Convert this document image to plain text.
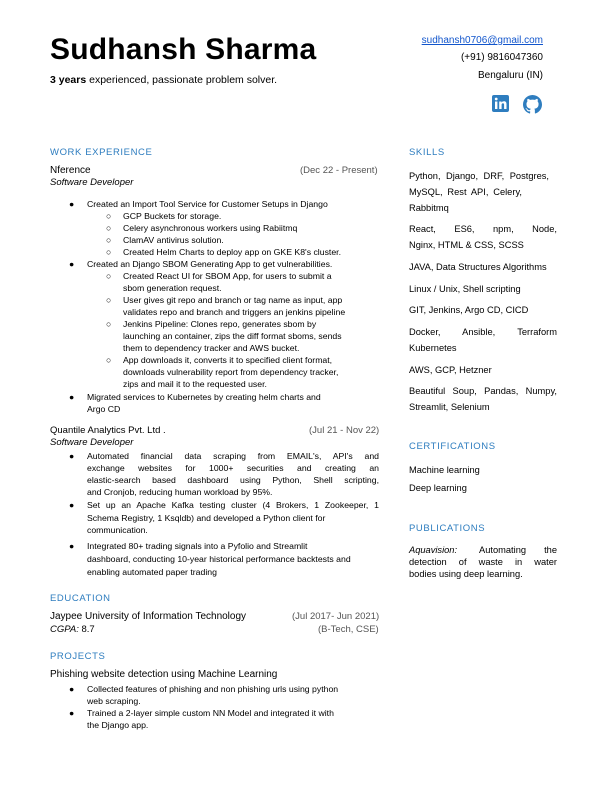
Sudhansh Sharma
3 years experienced, passionate problem solver.
sudhansh0706@gmail.com
(+91) 9816047360
Bengaluru (IN)
WORK EXPERIENCE
Nference	(Dec 22 - Present)
Software Developer
● Created an Import Tool Service for Customer Setups in Django
○ GCP Buckets for storage.
○ Celery asynchronous workers using Rabiitmq
○ ClamAV antivirus solution.
○ Created Helm Charts to deploy app on GKE K8's cluster.
● Created an Django SBOM Generating App to get vulnerabilities.
○ Created React UI for SBOM App, for users to submit a
sbom generation request.
○ User gives git repo and branch or tag name as input, app
validates repo and branch and triggers an jenkins pipeline
○ Jenkins Pipeline: Clones repo, generates sbom by
launching an container, zips the diff format sboms, sends
them to dependency tracker and AWS bucket.
○ App downloads it, converts it to specified client format,
downloads vulnerability report from dependency tracker,
zips and mail it to the requested user.
● Migrated services to Kubernetes by creating helm charts and
Argo CD
Quantile Analytics Pvt. Ltd .	(Jul 21 - Nov 22)
Software Developer
● Automated financial data scraping from EMAIL's, API's and
exchange websites for 1000+ securities and creating an
elastic-search based dashboard using Python, Shell scripting,
and Cronjob, reducing human workload by 95%.
● Set up an Apache Kafka testing cluster (4 Brokers, 1 Zookeeper, 1
Schema Registry, 1 Ksqldb) and developed a Python client for
communication.
● Integrated 80+ trading signals into a Pyfolio and Streamlit
dashboard, conducting 10-year historical performance backtests and
enabling automated paper trading
EDUCATION
Jaypee University of Information Technology	(Jul 2017- Jun 2021)
CGPA: 8.7	(B-Tech, CSE)
PROJECTS
Phishing website detection using Machine Learning
● Collected features of phishing and non phishing urls using python
web scraping.
● Trained a 2-layer simple custom NN Model and integrated it with
the Django app.
SKILLS
Python, Django, DRF, Postgres,
MySQL, Rest API, Celery,
Rabbitmq
React, ES6, npm, Node,
Nginx, HTML & CSS, SCSS
JAVA, Data Structures Algorithms
Linux / Unix, Shell scripting
GIT, Jenkins, Argo CD, CICD
Docker, Ansible, Terraform
Kubernetes
AWS, GCP, Hetzner
Beautiful Soup, Pandas, Numpy,
Streamlit, Selenium
CERTIFICATIONS
Machine learning
Deep learning
PUBLICATIONS
Aquavision: Automating the
detection of waste in water
bodies using deep learning.
